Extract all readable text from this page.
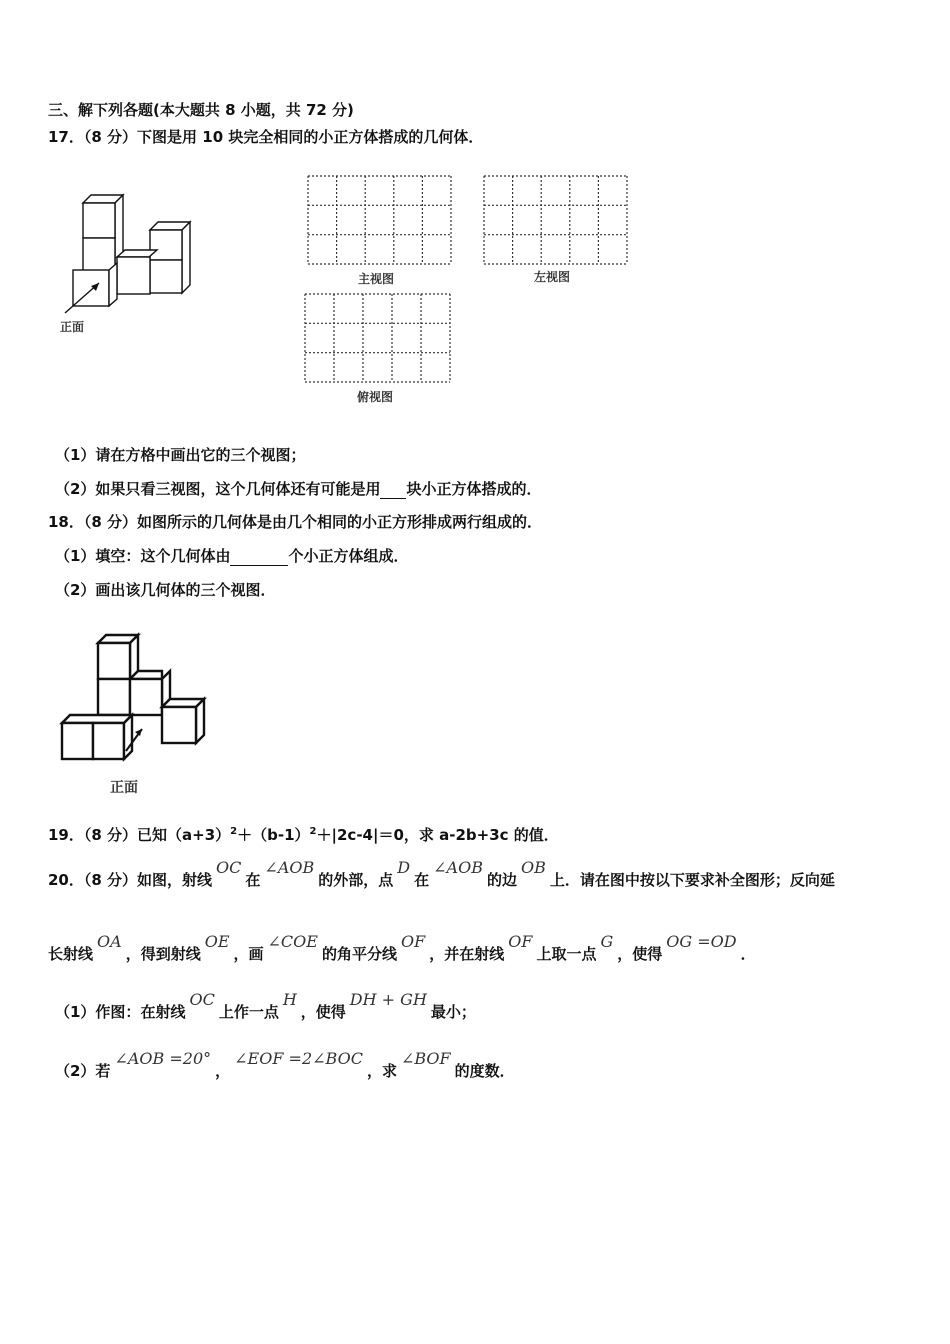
三、解下列各题(本大题共 8 小题，共 72 分)
17．（8 分）下图是用 10 块完全相同的小正方体搭成的几何体．
正面
主视图	左视图
俯视图
（1）请在方格中画出它的三个视图；
（2）如果只看三视图，这个几何体还有可能是用 块小正方体搭成的．
18．（8 分）如图所示的几何体是由几个相同的小正方形排成两行组成的．
（1）填空：这个几何体由	个小正方体组成．
（2）画出该几何体的三个视图．
正面
19．（8 分）已知$(a+3)^2+(b-1)^2+|2c-4|=0$，求 a-2b+3c 的值．
20．（8 分）如图，射线OC在∠AOB的外部，点D在∠AOB的边OB上．请在图中按以下要求补全图形；反向延
长射线OA，得到射线OE，画∠COE的角平分线OF，并在射线OF上取一点G，使得OG =OD．
（1）作图：在射线OC上作一点H，使得DH + GH最小；
（2）若∠AOB =20°，∠EOF =2∠BOC，求∠BOF的度数．
